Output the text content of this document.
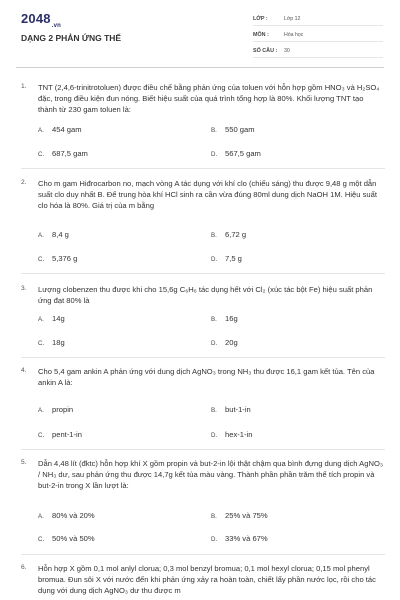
$2048_{.vn}$
DẠNG 2 PHẢN ỨNG THẾ
LỚP :	Lớp 12
MÔN :	Hóa học
SỐ CÂU :	30
1. TNT (2,4,6-trinitrotoluen) được điều chế bằng phản ứng của toluen với hỗn hợp gồm HNO₃ và H₂SO₄ đặc, trong điều kiện đun nóng. Biết hiệu suất của quá trình tổng hợp là 80%. Khối lượng TNT tạo thành từ 230 gam toluen là:
A. 454 gam	B. 550 gam
C. 687,5 gam	D. 567,5 gam
2. Cho m gam Hiđrocarbon no, mạch vòng A tác dụng với khí clo (chiếu sáng) thu được 9,48 g một dẫn suất clo duy nhất B. Để trung hòa khí HCl sinh ra cần vừa đúng 80ml dung dịch NaOH 1M. Hiệu suất clo hóa là 80%. Giá trị của m bằng
A. 8,4 g	B. 6,72 g
C. 5,376 g	D. 7,5 g
3. Lượng clobenzen thu được khi cho 15,6g C₆H₆ tác dụng hết với Cl₂ (xúc tác bột Fe) hiệu suất phản ứng đạt 80% là
A. 14g	B. 16g
C. 18g	D. 20g
4. Cho 5,4 gam ankin A phản ứng với dung dịch AgNO₃ trong NH₃ thu được 16,1 gam kết tủa. Tên của ankin A là:
A. propin	B. but-1-in
C. pent-1-in	D. hex-1-in
5. Dẫn 4,48 lít (đktc) hỗn hợp khí X gồm propin và but-2-in lội thật chậm qua bình đựng dung dịch AgNO₃ / NH₃ dư, sau phản ứng thu được 14,7g kết tủa màu vàng. Thành phần phần trăm thể tích propin và but-2-in trong X lần lượt là:
A. 80% và 20%	B. 25% và 75%
C. 50% và 50%	D. 33% và 67%
6. Hỗn hợp X gồm 0,1 mol anlyl clorua; 0,3 mol benzyl bromua; 0,1 mol hexyl clorua; 0,15 mol phenyl bromua. Đun sôi X với nước đến khi phản ứng xảy ra hoàn toàn, chiết lấy phần nước lọc, rồi cho tác dụng với dung dịch AgNO₃ dư thu được m
